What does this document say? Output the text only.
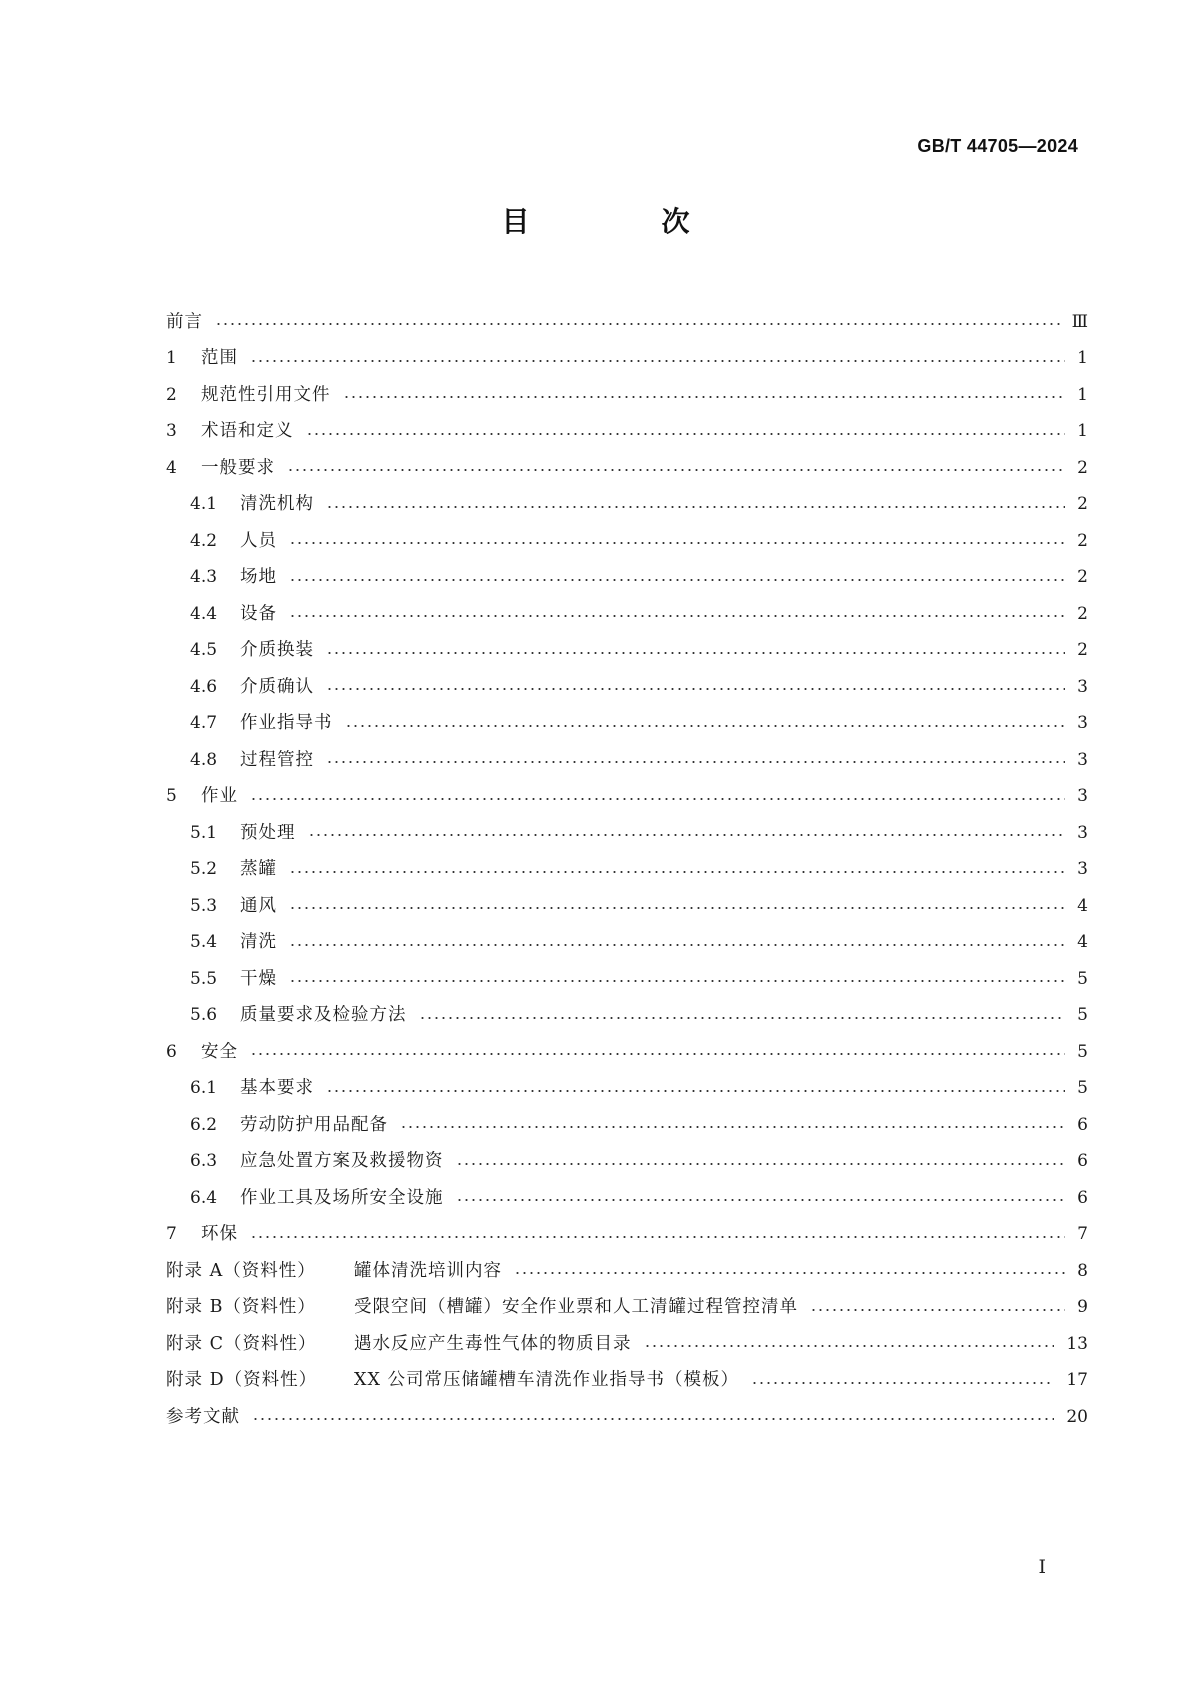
GB/T 44705—2024
目　次
前言	Ⅲ
1	范围	1
2	规范性引用文件	1
3	术语和定义	1
4	一般要求	2
4.1	清洗机构	2
4.2	人员	2
4.3	场地	2
4.4	设备	2
4.5	介质换装	2
4.6	介质确认	3
4.7	作业指导书	3
4.8	过程管控	3
5	作业	3
5.1	预处理	3
5.2	蒸罐	3
5.3	通风	4
5.4	清洗	4
5.5	干燥	5
5.6	质量要求及检验方法	5
6	安全	5
6.1	基本要求	5
6.2	劳动防护用品配备	6
6.3	应急处置方案及救援物资	6
6.4	作业工具及场所安全设施	6
7	环保	7
附录 A（资料性）	罐体清洗培训内容	8
附录 B（资料性）	受限空间（槽罐）安全作业票和人工清罐过程管控清单	9
附录 C（资料性）	遇水反应产生毒性气体的物质目录	13
附录 D（资料性）	XX 公司常压储罐槽车清洗作业指导书（模板）	17
参考文献	20
Ⅰ
